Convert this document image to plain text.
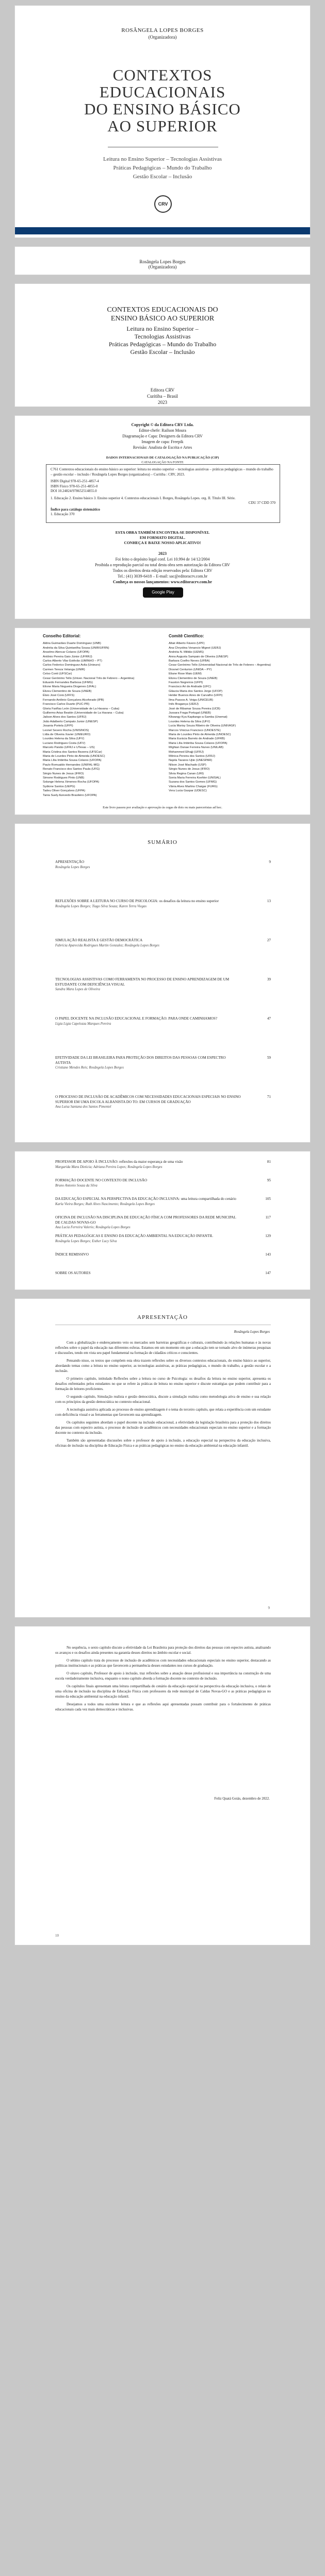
ROSÂNGELA LOPES BORGES
(Organizadora)
CONTEXTOS
EDUCACIONAIS
DO ENSINO BÁSICO
AO SUPERIOR
Leitura no Ensino Superior – Tecnologias Assistivas
Práticas Pedagógicas – Mundo do Trabalho
Gestão Escolar – Inclusão
CRV
Rosângela Lopes Borges
(Organizadora)
CONTEXTOS EDUCACIONAIS DO
ENSINO BÁSICO AO SUPERIOR
Leitura no Ensino Superior –
Tecnologias Assistivas
Práticas Pedagógicas – Mundo do Trabalho
Gestão Escolar – Inclusão
Editora CRV
Curitiba – Brasil
2023
Copyright © da Editora CRV Ltda.
Editor-chefe: Railson Moura
Diagramação e Capa: Designers da Editora CRV
Imagem de capa: Freepik
Revisão: Analista de Escrita e Artes
DADOS INTERNACIONAIS DE CATALOGAÇÃO NA PUBLICAÇÃO (CIP)
CATALOGAÇÃO NA FONTE
C761 Contextos educacionais do ensino básico ao superior: leitura no ensino superior – tecnologias assistivas – práticas pedagógicas – mundo do trabalho – gestão escolar – inclusão / Rosângela Lopes Borges (organizadora) – Curitiba : CRV, 2023.
ISBN Digital 978-65-251-4857-4
ISBN Físico 978-65-251-4855-0
DOI 10.24824/978652514855.0
1. Educação 2. Ensino básico 3. Ensino superior 4. Contextos educacionais I. Borges, Rosângela Lopes. org. II. Título III. Série.
CDU 37 CDD 370
Índice para catálogo sistemático
1. Educação 370
ESTA OBRA TAMBÉM ENCONTRA-SE DISPONÍVEL
EM FORMATO DIGITAL.
CONHEÇA E BAIXE NOSSO APLICATIVO!
2023
Foi feito o depósito legal conf. Lei 10.994 de 14/12/2004
Proibida a reprodução parcial ou total desta obra sem autorização da Editora CRV
Todos os direitos desta edição reservados pela: Editora CRV
Tel.: (41) 3039-6418 – E-mail: sac@editoracrv.com.br
Conheça os nossos lançamentos: www.editoracrv.com.br
Google Play
Conselho Editorial:
Aldira Guimarães Duarte Domínguez (UNB)
Andréia da Silva Quintanilha Sousa (UNIR/UFRN)
Anselmo Alencar Colares (UFOPA)
Antônio Pereira Gaio Júnior (UFRRJ)
Carlos Alberto Vilar Estêvão (UMINHO – PT)
Carlos Federico Dominguez Avila (Unieuro)
Carmen Tereza Velanga (UNIR)
Celso Conti (UFSCar)
Cesar Gerónimo Tello (Univer. Nacional Três de Febrero – Argentina)
Eduardo Fernandes Barbosa (UFMG)
Elione Maria Nogueira Diogenes (UFAL)
Elizeu Clementino de Souza (UNEB)
Élsio José Corá (UFFS)
Fernando Antônio Gonçalves Alcoforado (IPB)
Francisco Carlos Duarte (PUC-PR)
Gloria Fariñas León (Universidade de La Havana – Cuba)
Guillermo Arias Beatón (Universidade de La Havana – Cuba)
Jailson Alves dos Santos (UFRJ)
João Adalberto Campato Junior (UNESP)
Josania Portela (UFPI)
Leonel Severo Rocha (UNISINOS)
Lídia de Oliveira Xavier (UNIEURO)
Lourdes Helena da Silva (UFV)
Luciano Rodrigues Costa (UFV)
Marcelo Paixão (UFRJ e UTexas – US)
Maria Cristina dos Santos Bezerra (UFSCar)
Maria de Lourdes Pinto de Almeida (UNOESC)
Maria Lília Imbiriba Sousa Colares (UFOPA)
Paulo Romualdo Hernandes (UNIFAL-MG)
Renato Francisco dos Santos Paula (UFG)
Sérgio Nunes de Jesus (IFRO)
Simone Rodrigues Pinto (UNB)
Solange Helena Ximenes-Rocha (UFOPA)
Sydione Santos (UEPG)
Tadeu Oliver Gonçalves (UFPA)
Tania Suely Azevedo Brasileiro (UFOPA)
Comitê Científico:
Altair Alberto Fávero (UPF)
Ana Chrystina Venancio Mignot (UERJ)
Andréia N. Militão (UEMS)
Anna Augusta Sampaio de Oliveira (UNESP)
Barbara Coelho Neves (UFBA)
Cesar Gerónimo Tello (Universidad Nacional de Três de Febrero – Argentina)
Diosnel Centurion (UNIDA – PY)
Eliane Rose Maio (UEM)
Elizeu Clementino de Souza (UNEB)
Fauston Negreiros (UFPI)
Francisco Ari de Andrade (UFC)
Gláucia Maria dos Santos Jorge (UFOP)
Helder Buenos Aires de Carvalho (UFPI)
Ilma Passos A. Veiga (UNICEUB)
Inês Bragança (UERJ)
José de Ribamar Sousa Pereira (UCB)
Jussara Fraga Portugal (UNEB)
Kilwangy Kya Kapitango-a-Samba (Unemat)
Lourdes Helena da Silva (UFV)
Lucia Marisy Souza Ribeiro de Oliveira (UNIVASF)
Marcos Vinicius Francisco (UNOESTE)
Maria de Lourdes Pinto de Almeida (UNOESC)
Maria Eurácia Barreto de Andrade (UFRB)
Maria Lília Imbiriba Sousa Colares (UFOPA)
Míghian Danae Ferreira Nunes (UNILAB)
Mohammed Elhajji (UFRJ)
Mônica Pereira dos Santos (UFRJ)
Najela Tavares Ujiie (UNESPAR)
Nilson José Machado (USP)
Sérgio Nunes de Jesus (IFRO)
Silvia Regina Canan (URI)
Sonia Maria Ferreira Koehler (UNISAL)
Suzana dos Santos Gomes (UFMG)
Vânia Alves Martins Chaigar (FURG)
Vera Lucia Gaspar (UDESC)
Este livro passou por avaliação e aprovação às cegas de dois ou mais pareceristas ad hoc.
SUMÁRIO
APRESENTAÇÃO	9
Rosângela Lopes Borges
REFLEXÕES SOBRE A LEITURA NO CURSO DE PSICOLOGIA: os desafios da leitura no ensino superior	13
Rosângela Lopes Borges; Tiago Silva Souza; Karen Terra Viegas
SIMULAÇÃO REALISTA E GESTÃO DEMOCRÁTICA	27
Fabrícia Aparecida Rodrigues Martin Gonzalez; Rosângela Lopes Borges
TECNOLOGIAS ASSISTIVAS COMO FERRAMENTA NO PROCESSO DE ENSINO APRENDIZAGEM DE UM ESTUDANTE COM DEFICIÊNCIA VISUAL
39
Sandra Mara Lopes de Oliveira
O PAPEL DOCENTE NA INCLUSÃO EDUCACIONAL E FORMAÇÃO: PARA ONDE CAMINHAMOS?	47
Lígia Ligia Capelozza Marques Pereira
EFETIVIDADE DA LEI BRASILEIRA PARA PROTEÇÃO DOS DIREITOS DAS PESSOAS COM ESPECTRO AUTISTA
59
Cristiane Mendes Reis; Rosângela Lopes Borges
O PROCESSO DE INCLUSÃO DE ACADÊMICOS COM NECESSIDADES EDUCACIONAIS ESPECIAIS NO ENSINO SUPERIOR EM UMA ESCOLA ALBANISTA DO TO: EM CURSOS DE GRADUAÇÃO
71
Ana Luisa Santana dos Santos Pimentel
PROFESSOR DE APOIO À INCLUSÃO: reflexões da maior esperança de uma visão	81
Margarida Mara Dieticia; Adriana Pereira Lopes; Rosângela Lopes Borges
FORMAÇÃO DOCENTE NO CONTEXTO DE INCLUSÃO	95
Bruno Antonio Souza da Silva
DA EDUCAÇÃO ESPECIAL NA PERSPECTIVA DA EDUCAÇÃO INCLUSIVA: uma leitura compartilhada do cenário	105
Karla Vieira Borges; Ruth Alves Nascimento; Rosângela Lopes Borges
OFICINA DE INCLUSÃO NA DISCIPLINA DE EDUCAÇÃO FÍSICA COM PROFESSORES DA REDE MUNICIPAL DE CALDAS NOVAS-GO
117
Ana Lucia Ferreira Valerio; Rosângela Lopes Borges
PRÁTICAS PEDAGÓGICAS E ENSINO DA EDUCAÇÃO AMBIENTAL NA EDUCAÇÃO INFANTIL	129
Rosângela Lopes Borges; Esther Lucy Silva
ÍNDICE REMISSIVO	143
SOBRE OS AUTORES	147
APRESENTAÇÃO
Rosângela Lopes Borges

Com a globalização e endereçamento veio os mercados sem barreiras geográficas e culturais, contribuindo às relações humanas e às novas reflexões sobre o papel da educação nas diferentes esferas. Estamos em um momento em que a educação tem se tornado alvo de inúmeras pesquisas e discussões, tendo em vista seu papel fundamental na formação de cidadãos críticos e conscientes.

Pensando nisso, os textos que compõem esta obra trazem reflexões sobre os diversos contextos educacionais, do ensino básico ao superior, abordando temas como a leitura no ensino superior, as tecnologias assistivas, as práticas pedagógicas, o mundo do trabalho, a gestão escolar e a inclusão.

O primeiro capítulo, intitulado Reflexões sobre a leitura no curso de Psicologia: os desafios da leitura no ensino superior, apresenta os desafios enfrentados pelos estudantes no que se refere às práticas de leitura no ensino superior e discute estratégias que podem contribuir para a formação de leitores proficientes.

O segundo capítulo, Simulação realista e gestão democrática, discute a simulação realista como metodologia ativa de ensino e sua relação com os princípios da gestão democrática no contexto educacional.

A tecnologia assistiva aplicada ao processo de ensino aprendizagem é o tema do terceiro capítulo, que relata a experiência com um estudante com deficiência visual e as ferramentas que favorecem sua aprendizagem.

Os capítulos seguintes abordam o papel docente na inclusão educacional, a efetividade da legislação brasileira para a proteção dos direitos das pessoas com espectro autista, o processo de inclusão de acadêmicos com necessidades educacionais especiais no ensino superior e a formação docente no contexto da inclusão.

Também são apresentadas discussões sobre o professor de apoio à inclusão, a educação especial na perspectiva da educação inclusiva, oficinas de inclusão na disciplina de Educação Física e as práticas pedagógicas no ensino da educação ambiental na educação infantil.

9

No sequência, o sexto capítulo discute a efetividade da Lei Brasileira para proteção dos direitos das pessoas com espectro autista, analisando os avanços e os desafios ainda presentes na garantia desses direitos no âmbito escolar e social.

O sétimo capítulo trata do processo de inclusão de acadêmicos com necessidades educacionais especiais no ensino superior, destacando as políticas institucionais e as práticas que favorecem a permanência desses estudantes nos cursos de graduação.

O oitavo capítulo, Professor de apoio à inclusão, traz reflexões sobre a atuação desse profissional e sua importância na construção de uma escola verdadeiramente inclusiva, enquanto o nono capítulo aborda a formação docente no contexto de inclusão.

Os capítulos finais apresentam uma leitura compartilhada do cenário da educação especial na perspectiva da educação inclusiva, o relato de uma oficina de inclusão na disciplina de Educação Física com professores da rede municipal de Caldas Novas-GO e as práticas pedagógicas no ensino da educação ambiental na educação infantil.

Desejamos a todos uma excelente leitura e que as reflexões aqui apresentadas possam contribuir para o fortalecimento de práticas educacionais cada vez mais democráticas e inclusivas.

Feliz Quatá Goiás, dezembro de 2022.
10
